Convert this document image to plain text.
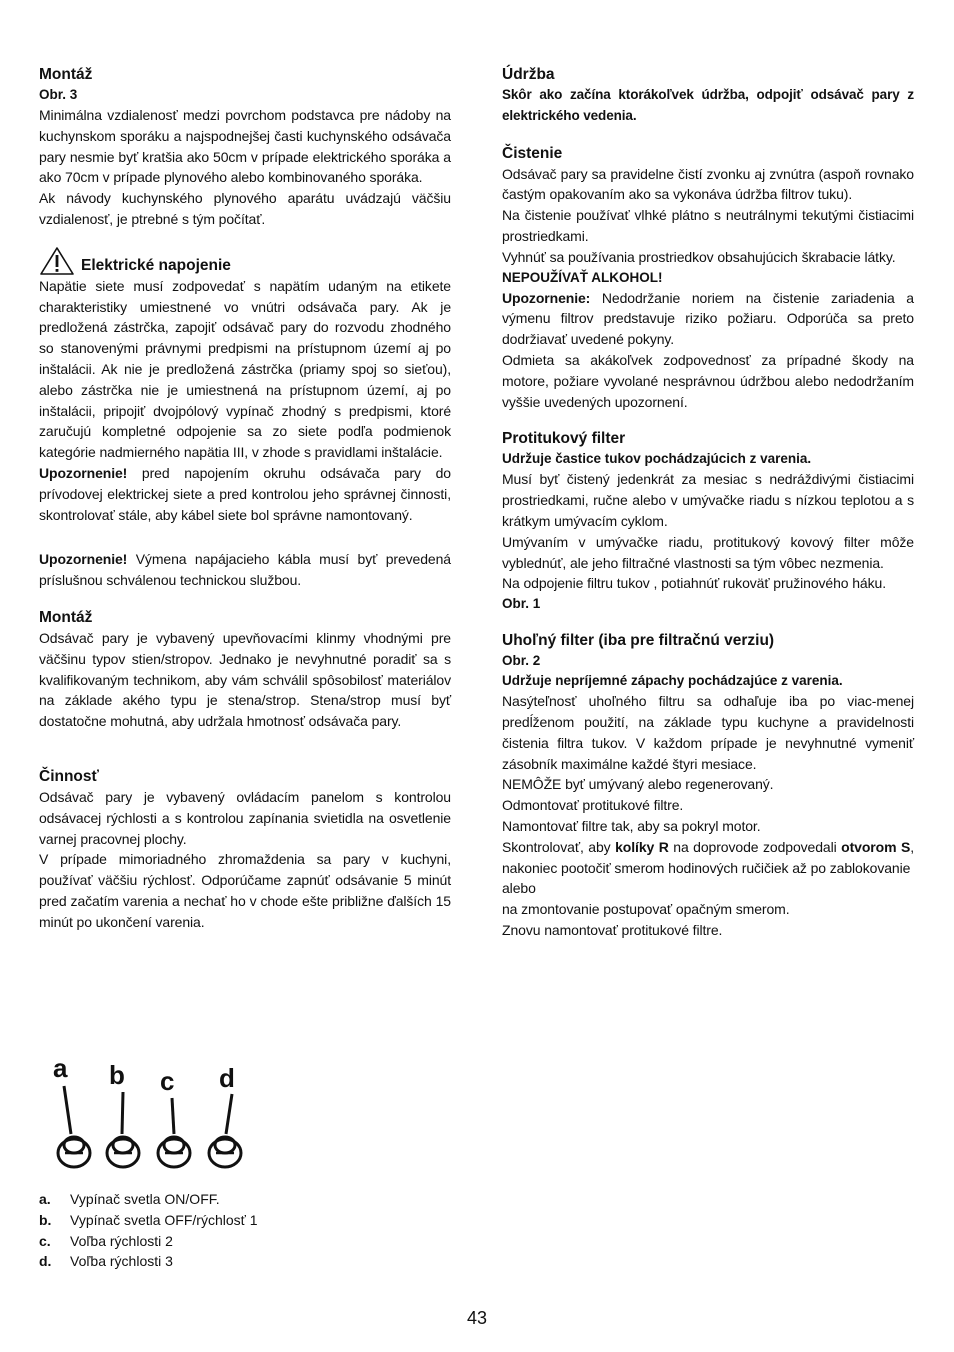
Montáž
Obr. 3
Minimálna vzdialenosť medzi povrchom podstavca pre nádoby na kuchynskom sporáku a najspodnejšej časti kuchynského odsávača pary nesmie byť kratšia ako 50cm v prípade elektrického sporáka a ako 70cm v prípade plynového alebo kombinovaného sporáka.
Ak návody kuchynského plynového aparátu uvádzajú väčšiu vzdialenosť, je ptrebné s tým počítať.
Elektrické napojenie
Napätie siete musí zodpovedať s napätím udaným na etikete charakteristiky umiestnené vo vnútri odsávača pary. Ak je predložená zástrčka, zapojiť odsávač pary do rozvodu zhodného so stanovenými právnymi predpismi na prístupnom území aj po inštalácii. Ak nie je predložená zástrčka (priamy spoj so sieťou), alebo zástrčka nie je umiestnená na prístupnom území, aj po inštalácii, pripojiť dvojpólový vypínač zhodný s predpismi, ktoré zaručujú kompletné odpojenie sa zo siete podľa podmienok kategórie nadmierného napätia III, v zhode s pravidlami inštalácie.
Upozornenie! pred napojením okruhu odsávača pary do prívodovej elektrickej siete a pred kontrolou jeho správnej činnosti, skontrolovať stále, aby kábel siete bol správne namontovaný.
Upozornenie! Výmena napájacieho kábla musí byť prevedená príslušnou schválenou technickou službou.
Montáž
Odsávač pary je vybavený upevňovacími klinmy vhodnými pre väčšinu typov stien/stropov. Jednako je nevyhnutné poradiť sa s kvalifikovaným technikom, aby vám schválil spôsobilosť materiálov na základe akého typu je stena/strop. Stena/strop musí byť dostatočne mohutná, aby udržala hmotnosť odsávača pary.
Činnosť
Odsávač pary je vybavený ovládacím panelom s kontrolou odsávacej rýchlosti a s kontrolou zapínania svietidla na osvetlenie varnej pracovnej plochy.
V prípade mimoriadného zhromaždenia sa pary v kuchyni, používať väčšiu rýchlosť. Odporúčame zapnúť odsávanie 5 minút pred začatím varenia a nechať ho v chode ešte približne ďalších 15 minút po ukončení varenia.
a b c d
a.	Vypínač svetla ON/OFF.
b.	Vypínač svetla OFF/rýchlosť 1
c.	Voľba rýchlosti 2
d.	Voľba rýchlosti 3
Údržba
Skôr ako začína ktorákoľvek údržba, odpojiť odsávač pary z elektrického vedenia.
Čistenie
Odsávač pary sa pravidelne čistí zvonku aj zvnútra (aspoň rovnako častým opakovaním ako sa vykonáva údržba filtrov tuku).
Na čistenie používať vlhké plátno s neutrálnymi tekutými čistiacimi prostriedkami.
Vyhnúť sa používania prostriedkov obsahujúcich škrabacie látky.
NEPOUŽÍVAŤ ALKOHOL!
Upozornenie: Nedodržanie noriem na čistenie zariadenia a výmenu filtrov predstavuje riziko požiaru. Odporúča sa preto dodržiavať uvedené pokyny.
Odmieta sa akákoľvek zodpovednosť za prípadné škody na motore, požiare vyvolané nesprávnou údržbou alebo nedodržaním vyššie uvedených upozornení.
Protitukový filter
Udržuje častice tukov pochádzajúcich z varenia.
Musí byť čistený jedenkrát za mesiac s nedráždivými čistiacimi prostriedkami, ručne alebo v umývačke riadu s nízkou teplotou a s krátkym umývacím cyklom.
Umývaním v umývačke riadu, protitukový kovový filter môže vyblednúť, ale jeho filtračné vlastnosti sa tým vôbec nezmenia.
Na odpojenie filtru tukov , potiahnúť rukoväť pružinového háku.
Obr. 1
Uhoľný filter (iba pre filtračnú verziu)
Obr. 2
Udržuje nepríjemné zápachy pochádzajúce z varenia.
Nasýteľnosť uhoľného filtru sa odhaľuje iba po viac-menej predĺženom použití, na základe typu kuchyne a pravidelnosti čistenia filtra tukov. V každom prípade je nevyhnutné vymeniť zásobník maximálne každé štyri mesiace.
NEMÔŽE byť umývaný alebo regenerovaný.
Odmontovať protitukové filtre.
Namontovať filtre tak, aby sa pokryl motor.
Skontrolovať, aby kolíky R na doprovode zodpovedali otvorom S, nakoniec pootočiť smerom hodinových ručičiek až po zablokovanie
alebo
na zmontovanie postupovať opačným smerom.
Znovu namontovať protitukové filtre.
43
